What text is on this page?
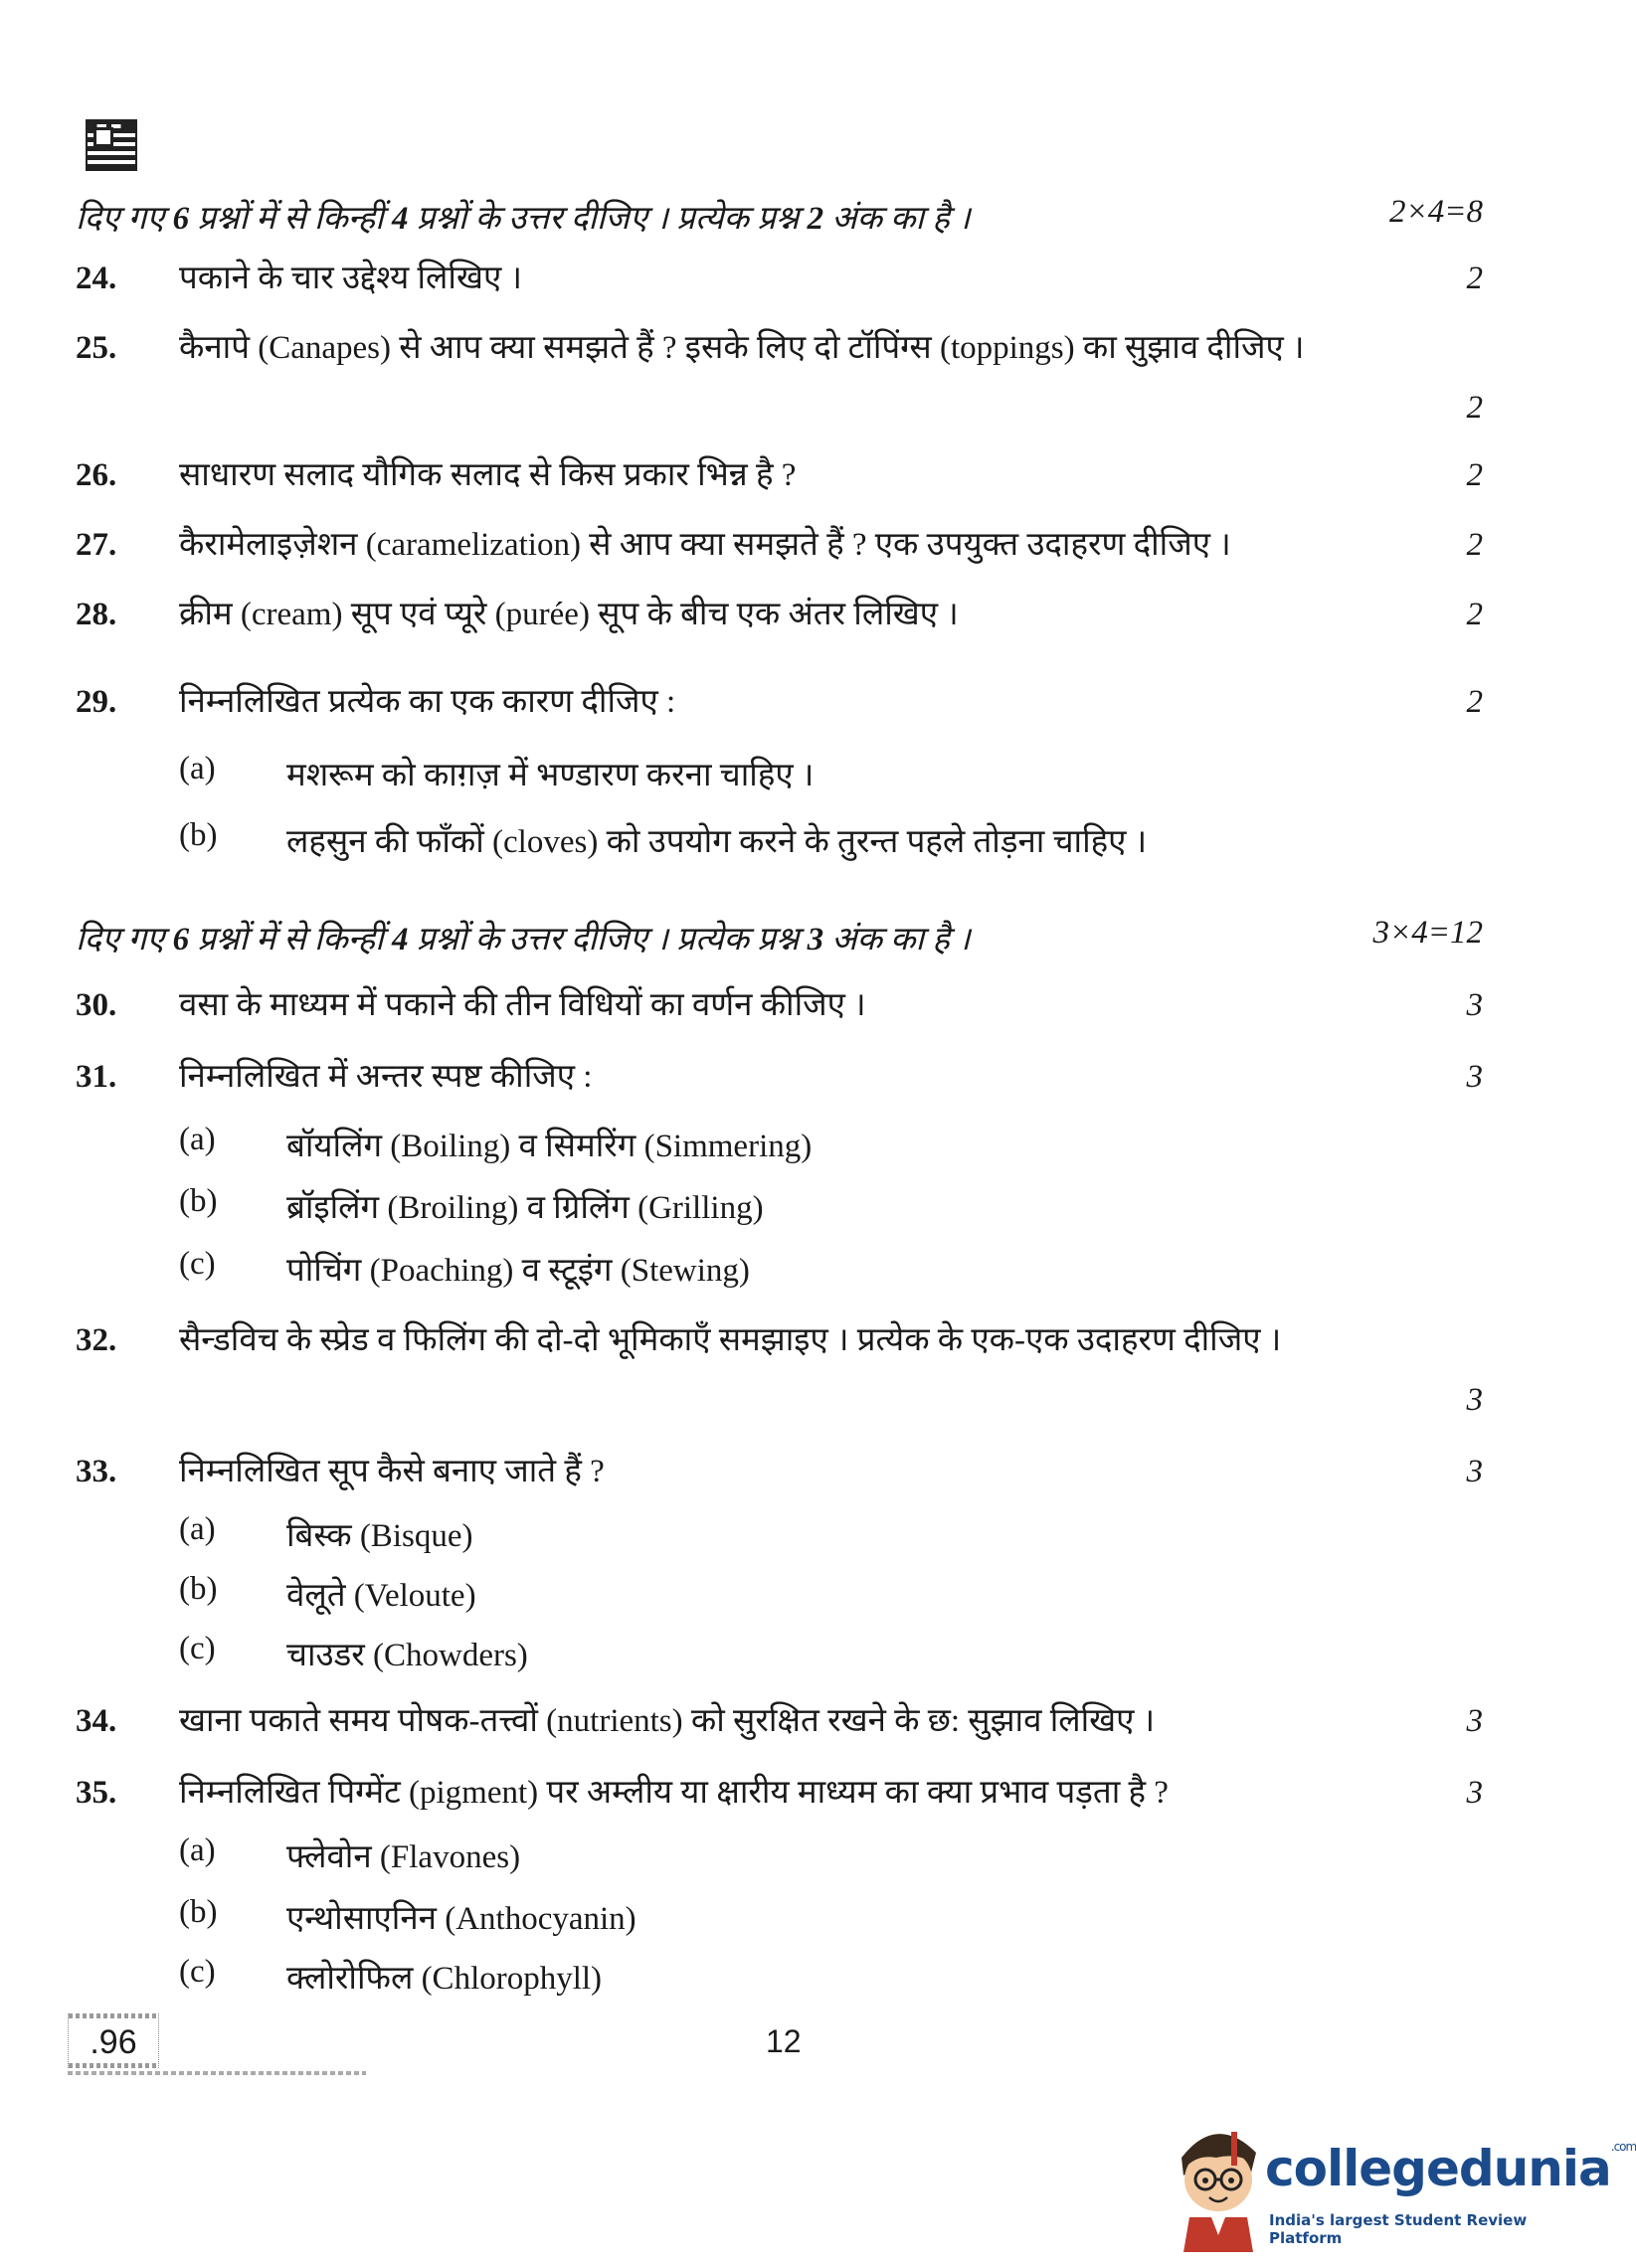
दिए गए 6 प्रश्नों में से किन्हीं 4 प्रश्नों के उत्तर दीजिए । प्रत्येक प्रश्न 2 अंक का है ।	2×4=8
24. पकाने के चार उद्देश्य लिखिए ।	2
25. कैनापे (Canapes) से आप क्या समझते हैं ? इसके लिए दो टॉपिंग्स (toppings) का सुझाव दीजिए ।
2
26. साधारण सलाद यौगिक सलाद से किस प्रकार भिन्न है ?	2
27. कैरामेलाइज़ेशन (caramelization) से आप क्या समझते हैं ? एक उपयुक्त उदाहरण दीजिए ।	2
28. क्रीम (cream) सूप एवं प्यूरे (purée) सूप के बीच एक अंतर लिखिए ।	2
29. निम्नलिखित प्रत्येक का एक कारण दीजिए :	2
(a) मशरूम को काग़ज़ में भण्डारण करना चाहिए ।
(b) लहसुन की फाँकों (cloves) को उपयोग करने के तुरन्त पहले तोड़ना चाहिए ।
दिए गए 6 प्रश्नों में से किन्हीं 4 प्रश्नों के उत्तर दीजिए । प्रत्येक प्रश्न 3 अंक का है ।	3×4=12
30. वसा के माध्यम में पकाने की तीन विधियों का वर्णन कीजिए ।	3
31. निम्नलिखित में अन्तर स्पष्ट कीजिए :	3
(a) बॉयलिंग (Boiling) व सिमरिंग (Simmering)
(b) ब्रॉइलिंग (Broiling) व ग्रिलिंग (Grilling)
(c) पोचिंग (Poaching) व स्टूइंग (Stewing)
32. सैन्डविच के स्प्रेड व फिलिंग की दो-दो भूमिकाएँ समझाइए । प्रत्येक के एक-एक उदाहरण दीजिए ।
3
33. निम्नलिखित सूप कैसे बनाए जाते हैं ?	3
(a) बिस्क (Bisque)
(b) वेलूते (Veloute)
(c) चाउडर (Chowders)
34. खाना पकाते समय पोषक-तत्त्वों (nutrients) को सुरक्षित रखने के छ: सुझाव लिखिए ।	3
35. निम्नलिखित पिग्मेंट (pigment) पर अम्लीय या क्षारीय माध्यम का क्या प्रभाव पड़ता है ?	3
(a) फ्लेवोन (Flavones)
(b) एन्थोसाएनिन (Anthocyanin)
(c) क्लोरोफिल (Chlorophyll)
.96	12
collegedunia$^{.com}$
India's largest Student Review Platform
